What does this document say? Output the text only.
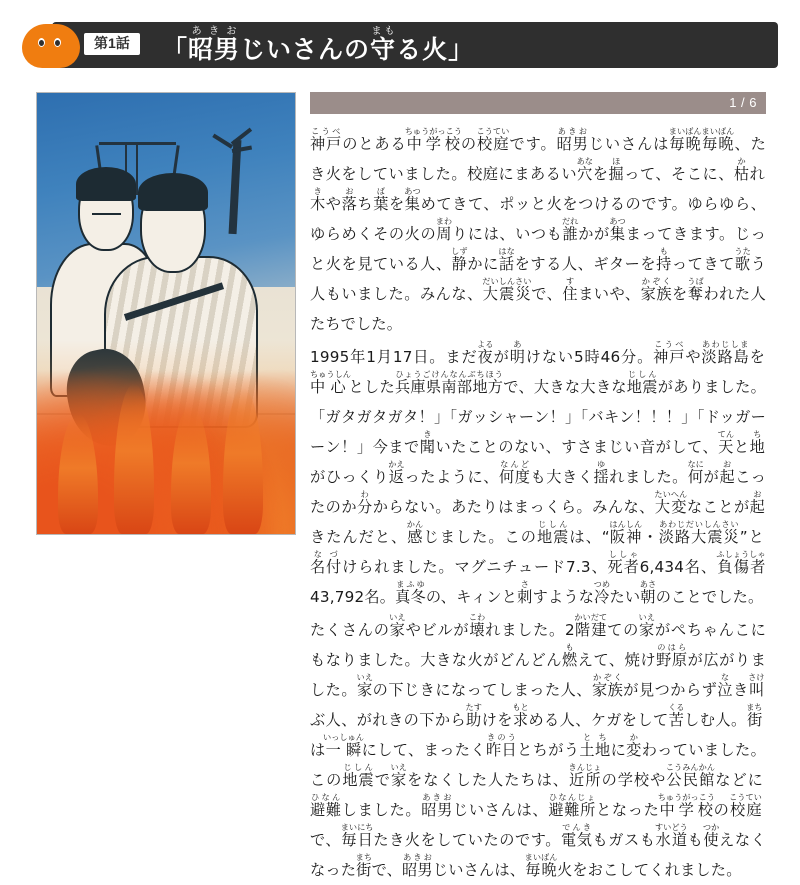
第1話	「昭男あきおじいさんの守まもる火」
1 / 6

神戸こうべのとある中学校ちゅうがっこうの校庭こうていです。昭男あきおじいさんは毎晩毎晩まいばんまいばん、たき火をしていました。校庭にまあるい穴あなを掘ほって、そこに、枯かれ木きや落おち葉ばを集あつめてきて、ポッと火をつけるのです。ゆらゆら、ゆらめくその火の周まわりには、いつも誰だれかが集あつまってきます。じっと火を見ている人、静しずかに話はなをする人、ギターを持もってきて歌うたう人もいました。みんな、大震災だいしんさいで、住すまいや、家族かぞくを奪うばわれた人たちでした。

1995年1月17日。まだ夜よるが明あけない5時46分。神戸こうべや淡路島あわじしまを中心ちゅうしんとした兵庫県南部地方ひょうごけんなんぶちほうで、大きな大きな地震じしんがありました。「ガタガタガタ！」「ガッシャーン！」「バキン！！！」「ドッガーーン！」今まで聞きいたことのない、すさまじい音がして、天てんと地ちがひっくり返かえったように、何度なんども大きく揺ゆれました。何なにが起おこったのか分わからない。あたりはまっくら。みんな、大変たいへんなことが起おきたんだと、感かんじました。この地震じしんは、“阪神はんしん・淡路大震災あわじだいしんさい”と名付なづけられました。マグニチュード7.3、死者ししゃ6,434名、負傷者ふしょうしゃ43,792名。真冬まふゆの、キィンと刺さすような冷つめたい朝あさのことでした。

たくさんの家いえやビルが壊こわれました。2階建かいだてての家いえがぺちゃんこにもなりました。大きな火がどんどん燃もえて、焼け野原のはらが広がりました。家いえの下じきになってしまった人、家族かぞくが見つからず泣なき叫さけぶ人、がれきの下から助たすけを求もとめる人、ケガをして苦くるしむ人。街まちは一瞬いっしゅんにして、まったく昨日きのうとちがう土地とちに変かわっていました。この地震じしんで家いえをなくした人たちは、近所きんじょの学校や公民館こうみんかんなどに避難ひなんしました。昭男あきおじいさんは、避難所ひなんじょとなった中学校ちゅうがっこうの校庭こうていで、毎日まいにちたき火をしていたのです。電気でんきもガスも水道すいどうも使つかえなくなった街まちで、昭男あきおじいさんは、毎晩まいばん火をおこしてくれました。
